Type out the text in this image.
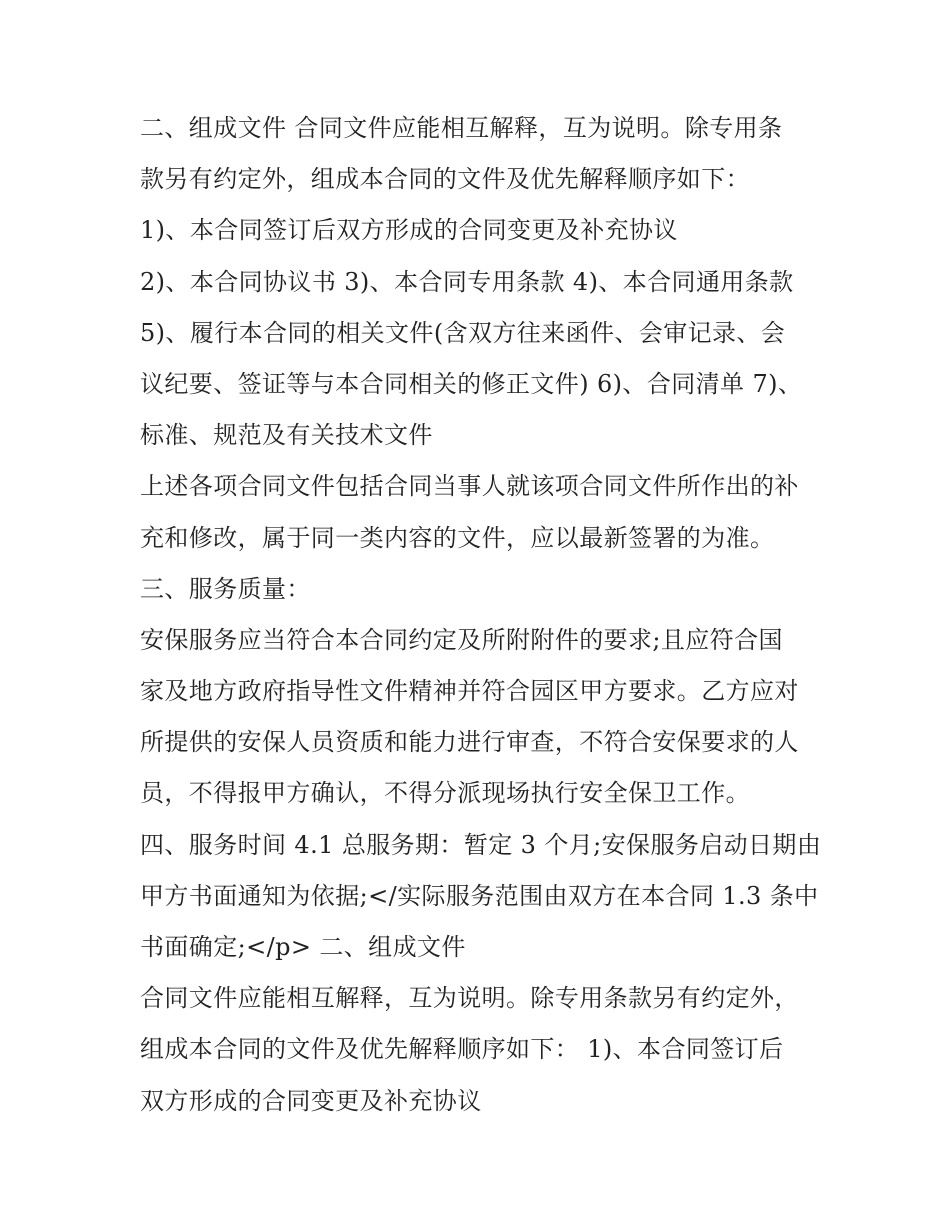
二、组成文件 合同文件应能相互解释，互为说明。除专用条
款另有约定外，组成本合同的文件及优先解释顺序如下：
1)、本合同签订后双方形成的合同变更及补充协议
2)、本合同协议书 3)、本合同专用条款 4)、本合同通用条款
5)、履行本合同的相关文件(含双方往来函件、会审记录、会
议纪要、签证等与本合同相关的修正文件) 6)、合同清单 7)、
标准、规范及有关技术文件
上述各项合同文件包括合同当事人就该项合同文件所作出的补
充和修改，属于同一类内容的文件，应以最新签署的为准。
三、服务质量：
安保服务应当符合本合同约定及所附附件的要求;且应符合国
家及地方政府指导性文件精神并符合园区甲方要求。乙方应对
所提供的安保人员资质和能力进行审查，不符合安保要求的人
员，不得报甲方确认，不得分派现场执行安全保卫工作。
四、服务时间 4.1 总服务期：暂定 3 个月;安保服务启动日期由
甲方书面通知为依据;</实际服务范围由双方在本合同 1.3 条中
书面确定;</p> 二、组成文件
合同文件应能相互解释，互为说明。除专用条款另有约定外，
组成本合同的文件及优先解释顺序如下： 1)、本合同签订后
双方形成的合同变更及补充协议
